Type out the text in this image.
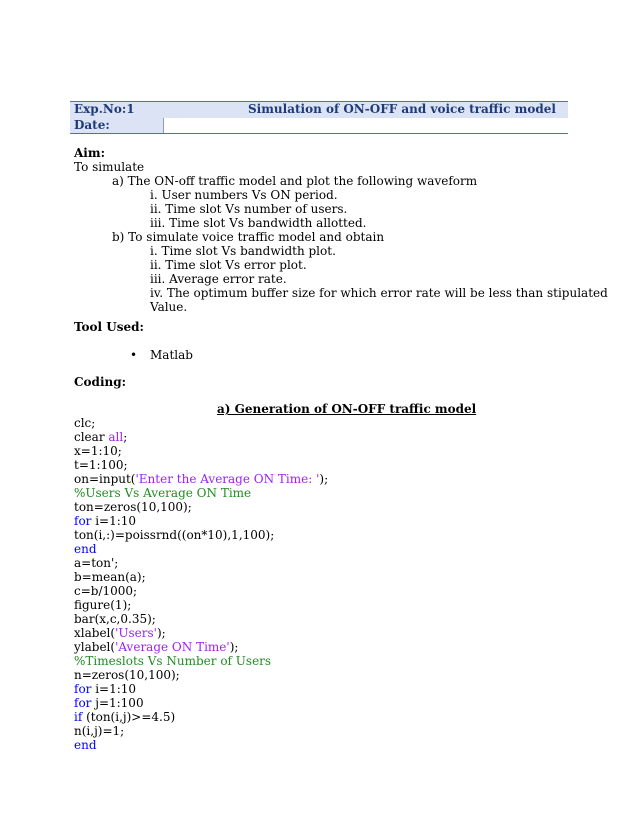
Exp.No:1	Simulation of ON-OFF and voice traffic model
Date:
Aim:
To simulate
a) The ON-off traffic model and plot the following waveform
i. User numbers Vs ON period.
ii. Time slot Vs number of users.
iii. Time slot Vs bandwidth allotted.
b) To simulate voice traffic model and obtain
i. Time slot Vs bandwidth plot.
ii. Time slot Vs error plot.
iii. Average error rate.
iv. The optimum buffer size for which error rate will be less than stipulated
Value.
Tool Used:
• Matlab
Coding:
a) Generation of ON-OFF traffic model
clc;
clear all;
x=1:10;
t=1:100;
on=input('Enter the Average ON Time: ');
%Users Vs Average ON Time
ton=zeros(10,100);
for i=1:10
ton(i,:)=poissrnd((on*10),1,100);
end
a=ton';
b=mean(a);
c=b/1000;
figure(1);
bar(x,c,0.35);
xlabel('Users');
ylabel('Average ON Time');
%Timeslots Vs Number of Users
n=zeros(10,100);
for i=1:10
for j=1:100
if (ton(i,j)>=4.5)
n(i,j)=1;
end
